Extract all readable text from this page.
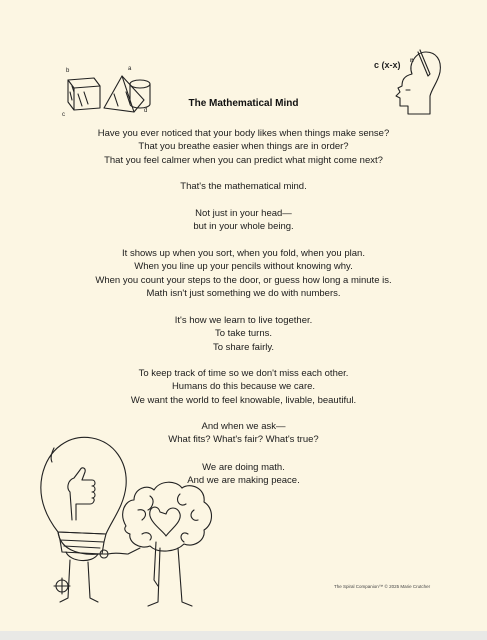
b	a
c
d
c (x-x) n
The Mathematical Mind
Have you ever noticed that your body likes when things make sense?
That you breathe easier when things are in order?
That you feel calmer when you can predict what might come next?
That's the mathematical mind.
Not just in your head—
but in your whole being.
It shows up when you sort, when you fold, when you plan.
When you line up your pencils without knowing why.
When you count your steps to the door, or guess how long a minute is.
Math isn't just something we do with numbers.
It's how we learn to live together.
To take turns.
To share fairly.
To keep track of time so we don't miss each other.
Humans do this because we care.
We want the world to feel knowable, livable, beautiful.
And when we ask—
What fits? What's fair? What's true?
We are doing math.
And we are making peace.
The Spiral Companion™ © 2025 Marie Crutcher
